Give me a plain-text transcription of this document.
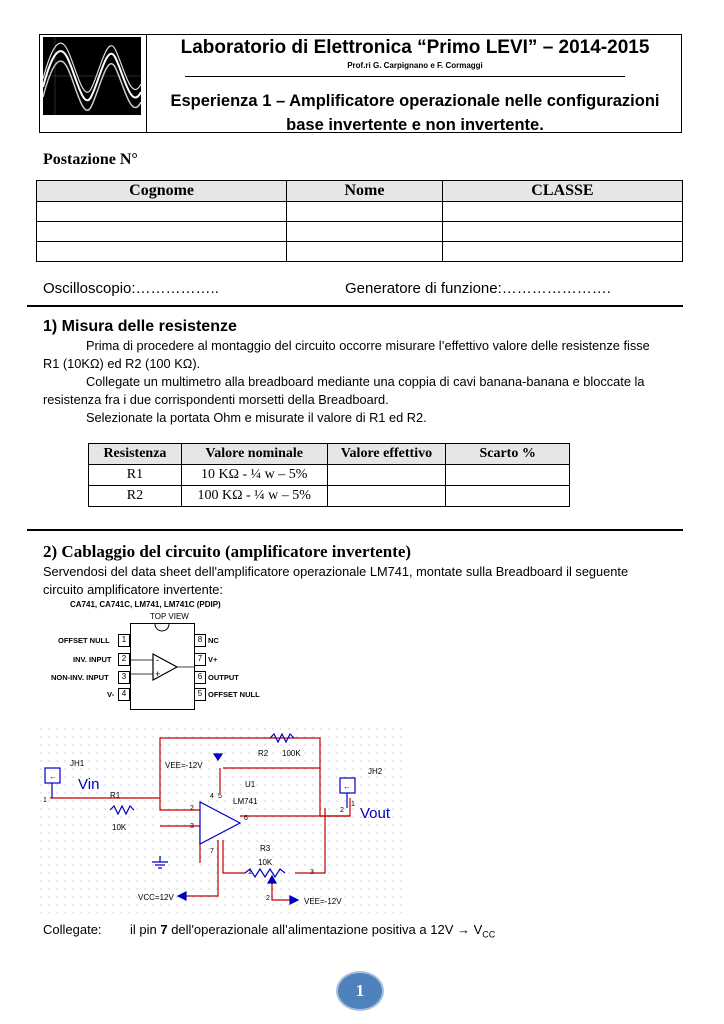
Laboratorio di Elettronica “Primo LEVI” – 2014-2015
Prof.ri G. Carpignano e F. Cormaggi
Esperienza 1 – Amplificatore operazionale nelle configurazioni
base invertente e non invertente.
Postazione N°
Cognome	Nome	CLASSE

Oscilloscopio:……………..	Generatore di funzione:………………….
1) Misura delle resistenze
Prima di procedere al montaggio del circuito occorre misurare l’effettivo valore delle resistenze fisse
R1 (10KΩ) ed R2 (100 KΩ).
Collegate un multimetro alla breadboard mediante una coppia di cavi banana-banana e bloccate la
resistenza fra i due corrispondenti morsetti della Breadboard.
Selezionate la portata Ohm e misurate il valore di R1 ed R2.
Resistenza	Valore nominale	Valore effettivo	Scarto %
R1	10 KΩ - ¼ w – 5%		
R2	100 KΩ - ¼ w – 5%		
2) Cablaggio del circuito (amplificatore invertente)
Servendosi del data sheet dell'amplificatore operazionale LM741, montate sulla Breadboard il seguente
circuito amplificatore invertente:
CA741, CA741C, LM741, LM741C (PDIP)
TOP VIEW
-
+
OFFSET NULL	1
INV. INPUT	2
NON-INV. INPUT	3
V- 4
8 NC
7 V+
6 OUTPUT
5 OFFSET NULL
←
←
JH1
Vin
R1
10K
R2 100K
VEE=-12V
U1
LM741
JH2
Vout
R3
10K
VCC=12V	VEE=-12V
1
2
3
4 5
6
7
1
2
3
2
1
Collegate: il pin 7 dell'operazionale all’alimentazione positiva a $12V \to V_{CC}$
1
